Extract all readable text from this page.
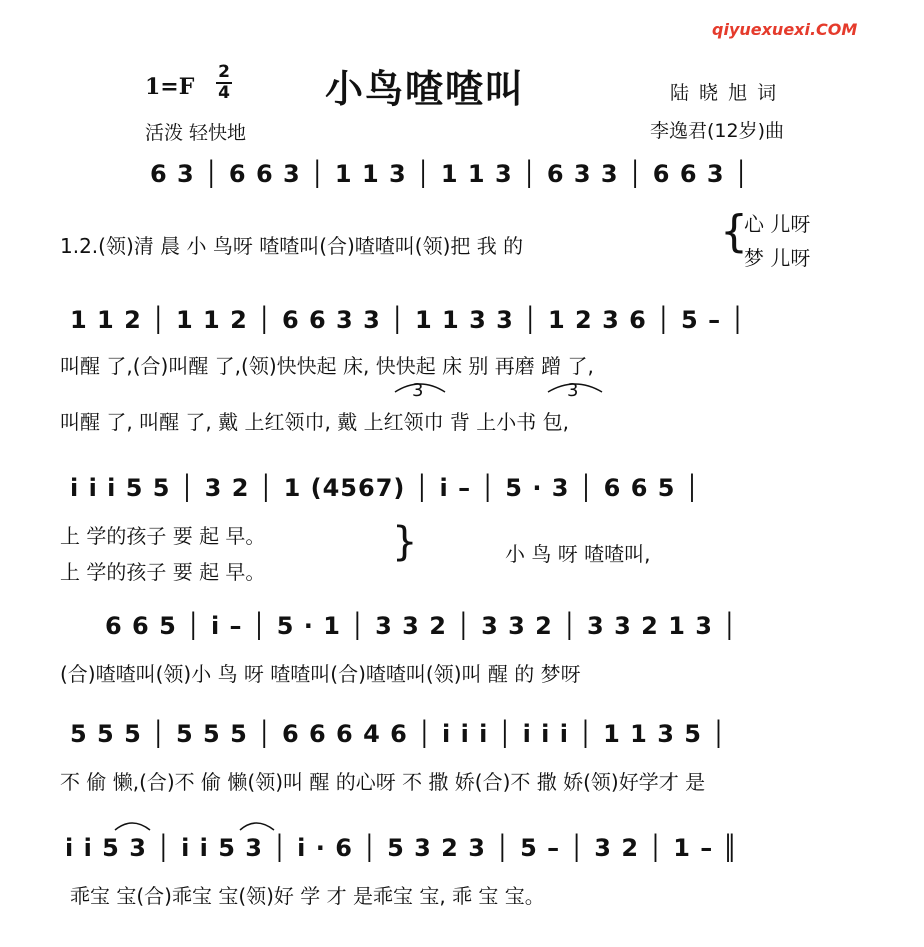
qiyuexuexi.COM
1=F
2
4	小鸟喳喳叫
活泼 轻快地
陆 晓 旭 词
李逸君(12岁)曲
6 3 │ 6 6 3 │ 1 1 3 │ 1 1 3 │ 6 3 3 │ 6 6 3 │
1.2.(领)清 晨 小 鸟呀 喳喳叫(合)喳喳叫(领)把 我 的	{
心 儿呀
梦 儿呀
1 1 2 │ 1 1 2 │ 6 6 3 3 │ 1 1 3 3 │ 1 2 3 6 │ 5 – │
叫醒 了,(合)叫醒 了,(领)快快起 床, 快快起 床 别 再磨 蹭 了,
叫醒 了, 叫醒 了, 戴 上红领巾, 戴 上红领巾 背 上小书 包,
3	3
i i i 5 5 │ 3 2 │ 1 (4567) │ i – │ 5 · 3 │ 6 6 5 │
上 学的孩子 要 起 早。
上 学的孩子 要 起 早。
}	小 鸟 呀 喳喳叫,
6 6 5 │ i – │ 5 · 1 │ 3 3 2 │ 3 3 2 │ 3 3 2 1 3 │
(合)喳喳叫(领)小 鸟 呀 喳喳叫(合)喳喳叫(领)叫 醒 的 梦呀
5 5 5 │ 5 5 5 │ 6 6 6 4 6 │ i i i │ i i i │ 1 1 3 5 │
不 偷 懒,(合)不 偷 懒(领)叫 醒 的心呀 不 撒 娇(合)不 撒 娇(领)好学才 是
i i 5 3 │ i i 5 3 │ i · 6 │ 5 3 2 3 │ 5 – │ 3 2 │ 1 – ║
乖宝 宝(合)乖宝 宝(领)好 学 才 是乖宝 宝, 乖 宝 宝。
